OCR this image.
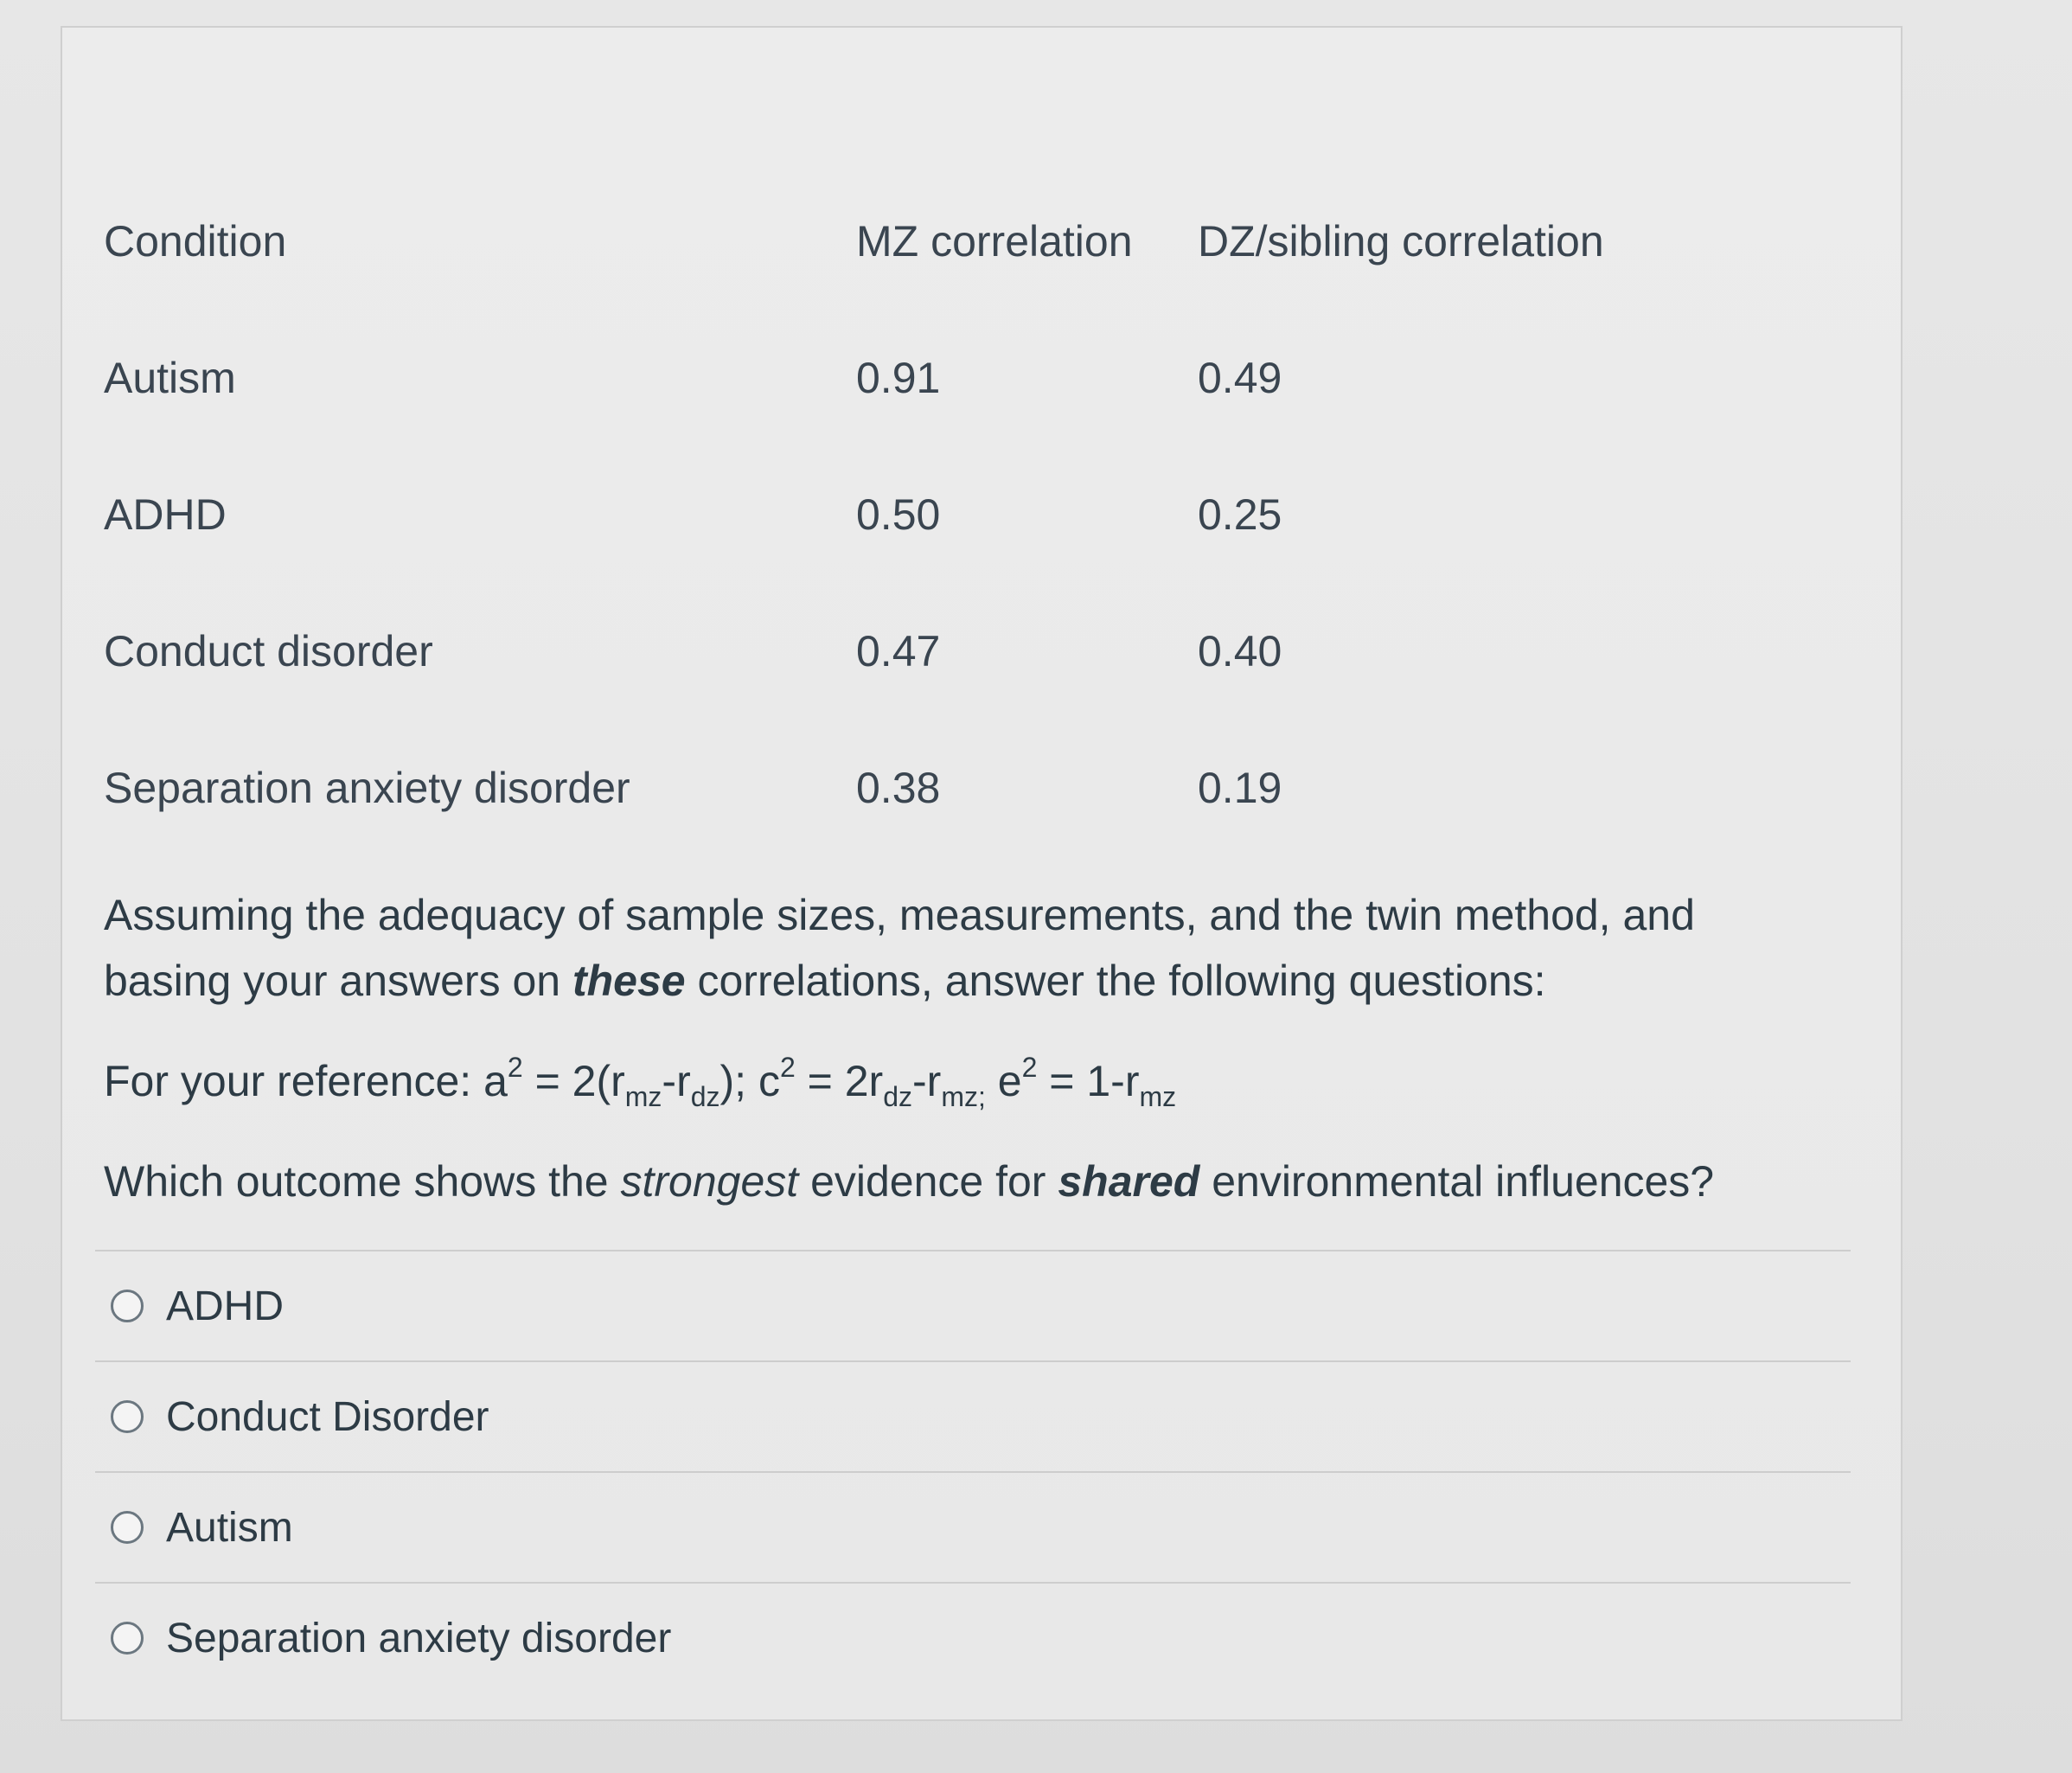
Condition	MZ correlation	DZ/sibling correlation
Autism	0.91	0.49
ADHD	0.50	0.25
Conduct disorder	0.47	0.40
Separation anxiety disorder	0.38	0.19

Assuming the adequacy of sample sizes, measurements, and the twin method, and basing your answers on these correlations, answer the following questions:

For your reference: $a^2 = 2(r_{mz}-r_{dz})$; $c^2 = 2r_{dz}-r_{mz;}$ $e^2 = 1-r_{mz}$

Which outcome shows the strongest evidence for shared environmental influences?

ADHD
Conduct Disorder
Autism
Separation anxiety disorder
